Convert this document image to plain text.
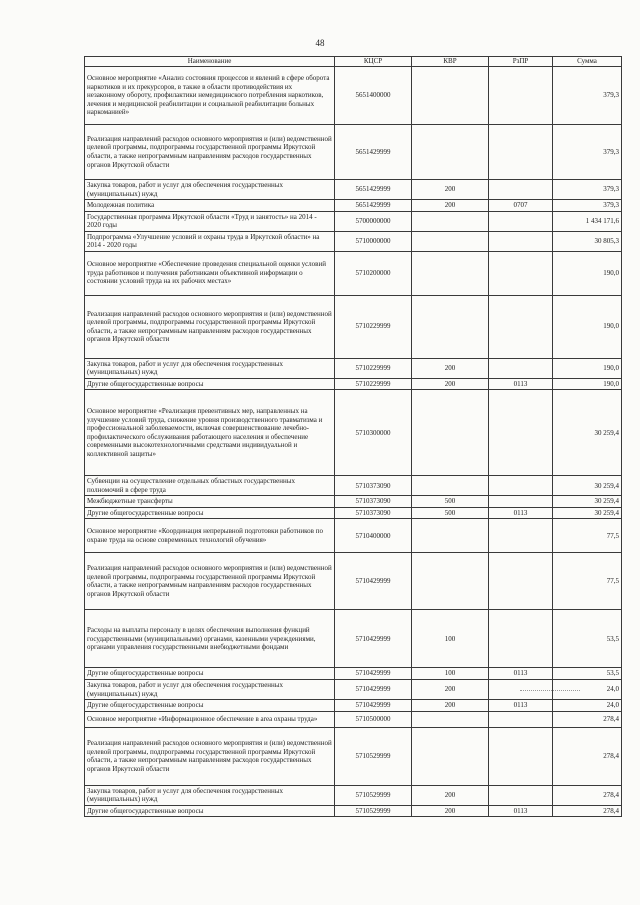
48
Наименование	КЦСР	КВР	РзПР	Сумма
Основное мероприятие «Анализ состояния процессов и явлений в сфере оборота наркотиков и их прекурсоров, в также в области противодействия их незаконному обороту, профилактики немедицинского потребления наркотиков, лечения и медицинской реабилитации и социальной реабилитации больных наркоманией»	5651400000			379,3
Реализация направлений расходов основного мероприятия и (или) ведомственной целевой программы, подпрограммы государственной программы Иркутской области, а также непрограммным направлениям расходов государственных органов Иркутской области	5651429999			379,3
Закупка товаров, работ и услуг для обеспечения государственных (муниципальных) нужд	5651429999	200		379,3
Молодежная политика	5651429999	200	0707	379,3
Государственная программа Иркутской области «Труд и занятость» на 2014 - 2020 годы	5700000000			1 434 171,6
Подпрограмма «Улучшение условий и охраны труда в Иркутской области» на 2014 - 2020 годы	5710000000			30 805,3
Основное мероприятие «Обеспечение проведения специальной оценки условий труда работников и получения работниками объективной информации о состоянии условий труда на их рабочих местах»	5710200000			190,0
Реализация направлений расходов основного мероприятия и (или) ведомственной целевой программы, подпрограммы государственной программы Иркутской области, а также непрограммным направлениям расходов государственных органов Иркутской области	5710229999			190,0
Закупка товаров, работ и услуг для обеспечения государственных (муниципальных) нужд	5710229999	200		190,0
Другие общегосударственные вопросы	5710229999	200	0113	190,0
Основное мероприятие «Реализация превентивных мер, направленных на улучшение условий труда, снижение уровня производственного травматизма и профессиональной заболеваемости, включая совершенствование лечебно-профилактического обслуживания работающего населения и обеспечение современными высокотехнологичными средствами индивидуальной и коллективной защиты»	5710300000			30 259,4
Субвенции на осуществление отдельных областных государственных полномочий в сфере труда	5710373090			30 259,4
Межбюджетные трансферты	5710373090	500		30 259,4
Другие общегосударственные вопросы	5710373090	500	0113	30 259,4
Основное мероприятие «Координация непрерывной подготовки работников по охране труда на основе современных технологий обучения»	5710400000			77,5
Реализация направлений расходов основного мероприятия и (или) ведомственной целевой программы, подпрограммы государственной программы Иркутской области, а также непрограммным направлениям расходов государственных органов Иркутской области	5710429999			77,5
Расходы на выплаты персоналу в целях обеспечения выполнения функций государственными (муниципальными) органами, казенными учреждениями, органами управления государственными внебюджетными фондами	5710429999	100		53,5
Другие общегосударственные вопросы	5710429999	100	0113	53,5
Закупка товаров, работ и услуг для обеспечения государственных (муниципальных) нужд	5710429999	200		24,0
Другие общегосударственные вопросы	5710429999	200	0113	24,0
Основное мероприятие «Информационное обеспечение в area охраны труда»	5710500000			278,4
Реализация направлений расходов основного мероприятия и (или) ведомственной целевой программы, подпрограммы государственной программы Иркутской области, а также непрограммным направлениям расходов государственных органов Иркутской области	5710529999			278,4
Закупка товаров, работ и услуг для обеспечения государственных (муниципальных) нужд	5710529999	200		278,4
Другие общегосударственные вопросы	5710529999	200	0113	278,4
